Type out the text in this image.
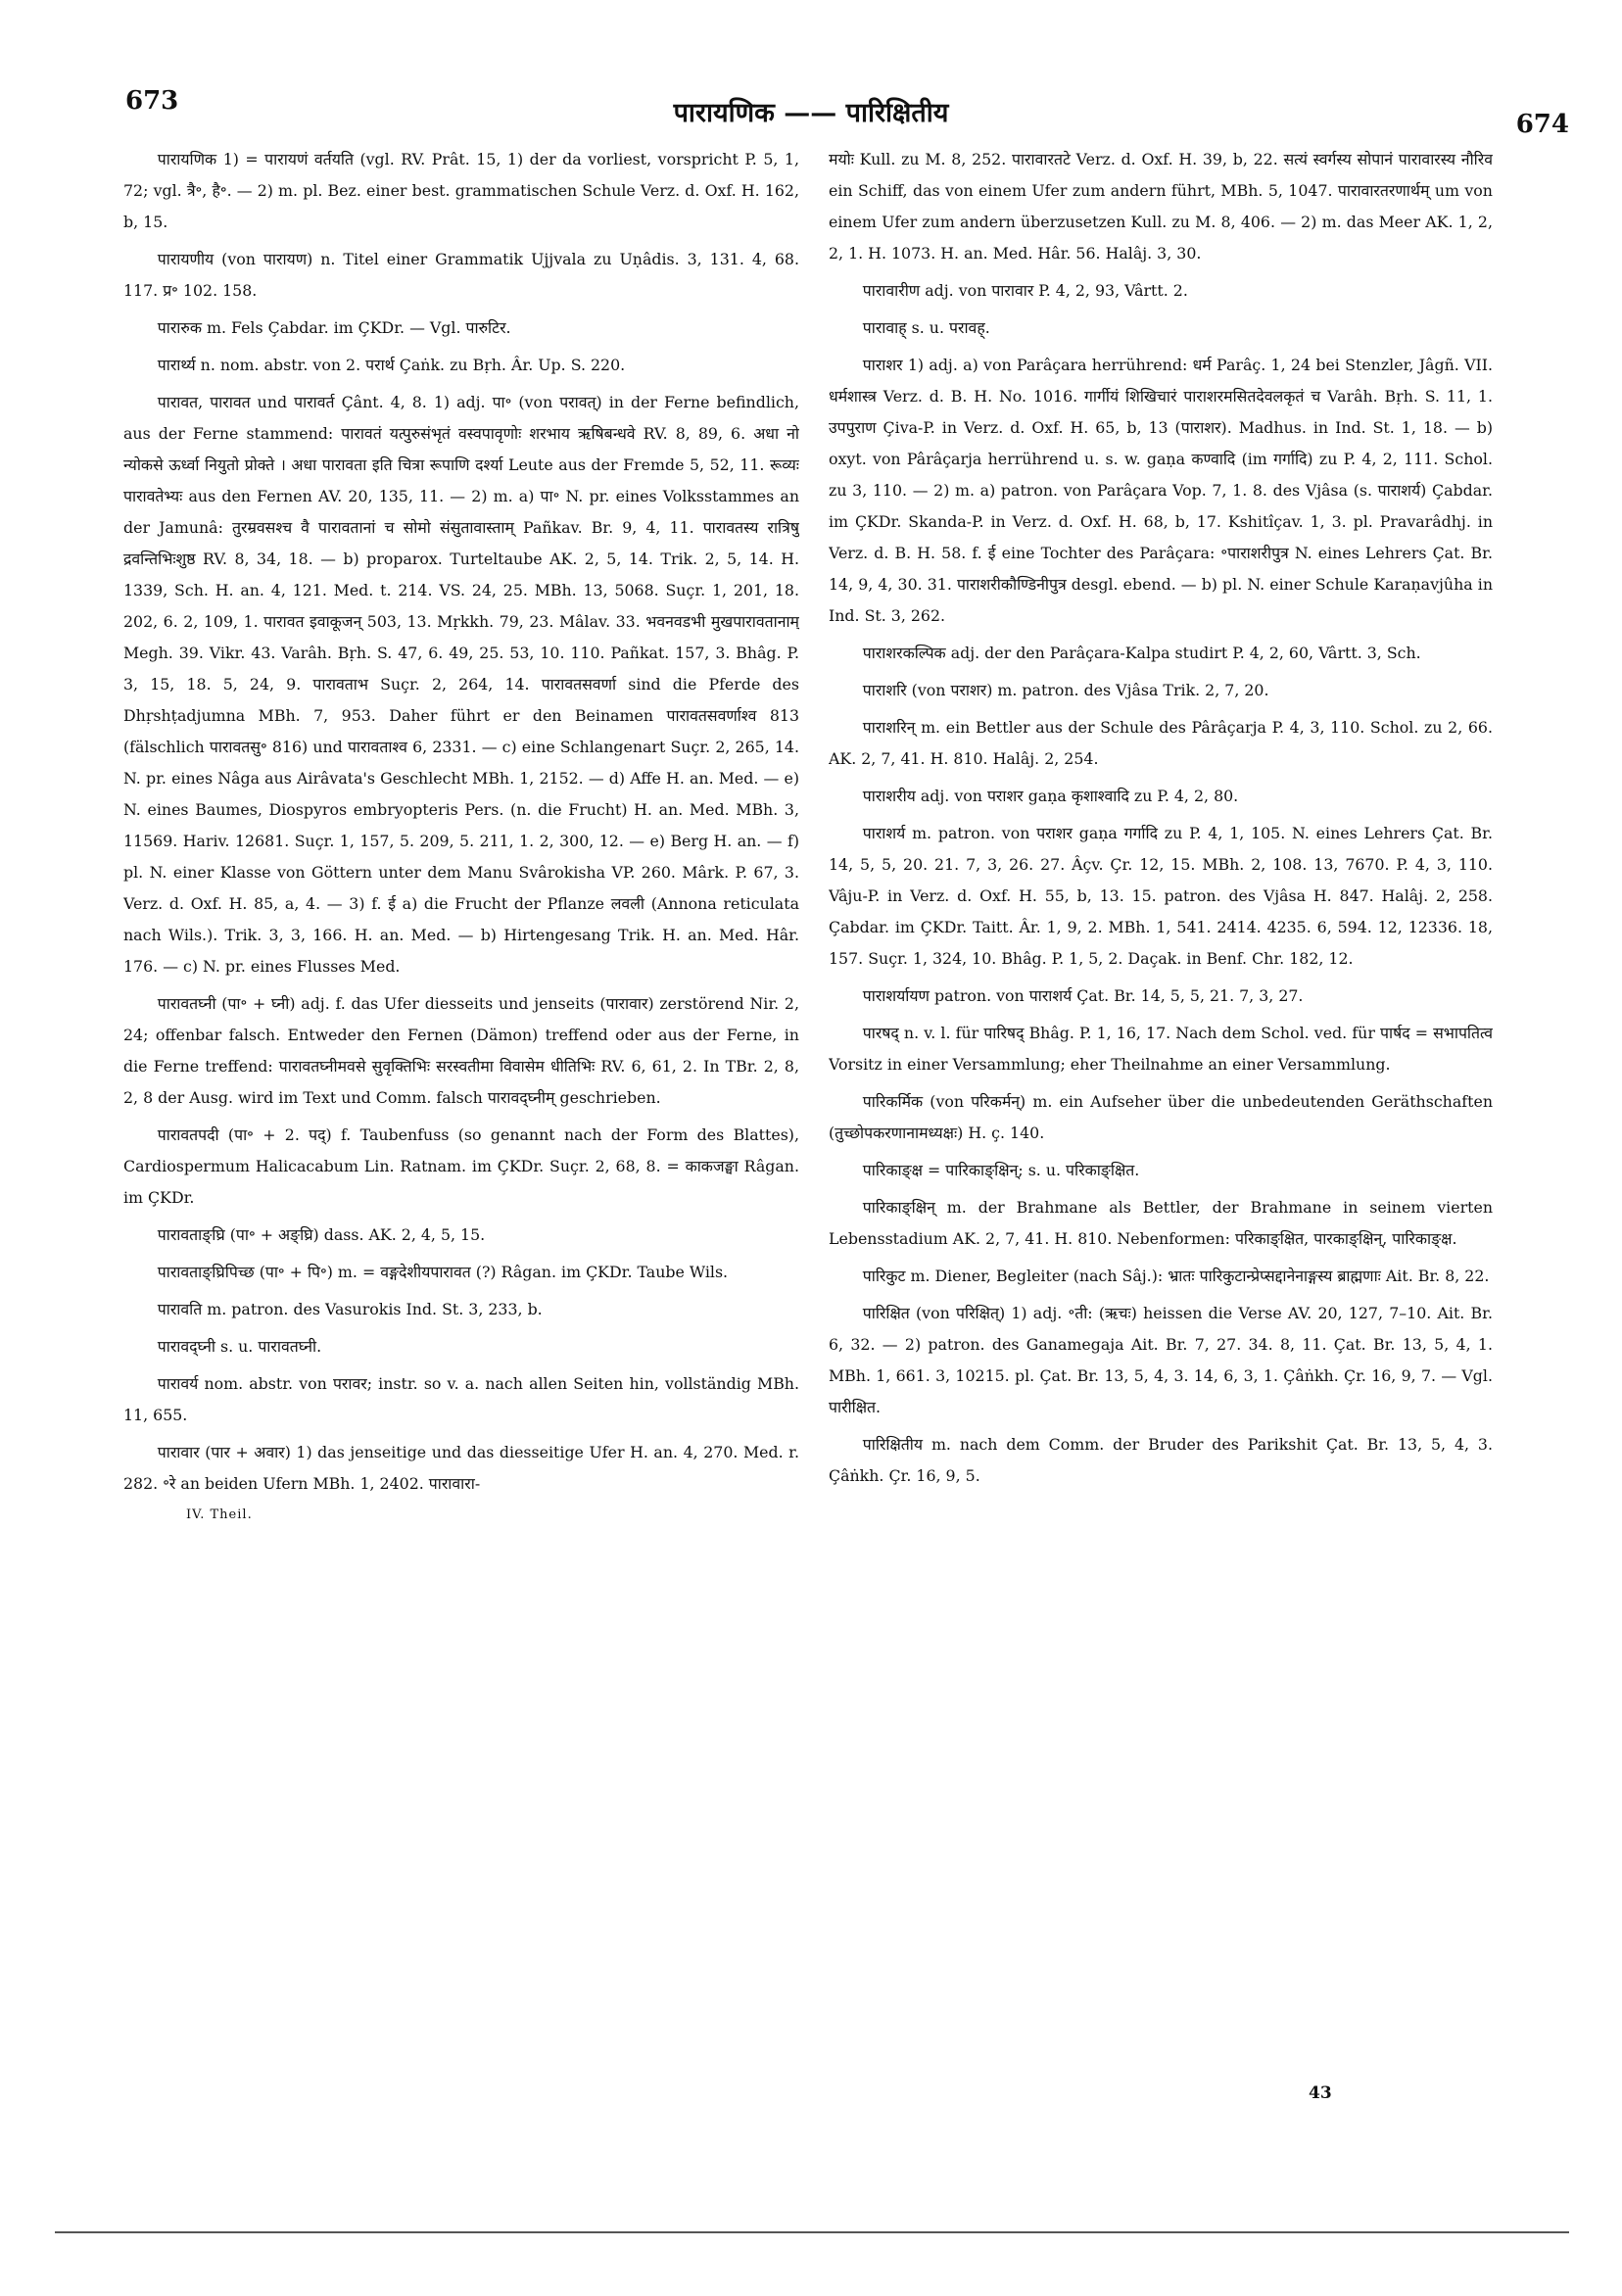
673	पारायणिक —— पारिक्षितीय	674

पारायणिक 1) = पारायणं वर्तयति (vgl. RV. Prât. 15, 1) der da vorliest, vorspricht P. 5, 1, 72; vgl. त्रै॰, है॰. — 2) m. pl. Bez. einer best. grammatischen Schule Verz. d. Oxf. H. 162, b, 15.

पारायणीय (von पारायण) n. Titel einer Grammatik Ujjvala zu Uṇâdis. 3, 131. 4, 68. 117. प्र॰ 102. 158.

पारारुक m. Fels Çabdar. im ÇKDr. — Vgl. पारुटिर.

पारार्थ्य n. nom. abstr. von 2. परार्थ Çaṅk. zu Bṛh. Âr. Up. S. 220.

पारावत, पारावत und पारावर्त Çânt. 4, 8. 1) adj. पा॰ (von परावत्) in der Ferne befindlich, aus der Ferne stammend: पारावतं यत्पुरुसंभृतं वस्वपावृणोः शरभाय ऋषिबन्धवे RV. 8, 89, 6. अधा नो न्योकसे ऊर्ध्वा नियुतो प्रोक्ते । अधा पारावता इति चित्रा रूपाणि दर्श्या Leute aus der Fremde 5, 52, 11. रूव्यः पारावतेभ्यः aus den Fernen AV. 20, 135, 11. — 2) m. a) पा॰ N. pr. eines Volksstammes an der Jamunâ: तुरम्रवसश्च वै पारावतानां च सोमो संसुतावास्ताम् Pañkav. Br. 9, 4, 11. पारावतस्य रात्रिषु द्रवन्तिभिःशुष्ठ RV. 8, 34, 18. — b) proparox. Turteltaube AK. 2, 5, 14. Trik. 2, 5, 14. H. 1339, Sch. H. an. 4, 121. Med. t. 214. VS. 24, 25. MBh. 13, 5068. Suçr. 1, 201, 18. 202, 6. 2, 109, 1. पारावत इवाकूजन् 503, 13. Mṛkkh. 79, 23. Mâlav. 33. भवनवडभी मुखपारावतानाम् Megh. 39. Vikr. 43. Varâh. Bṛh. S. 47, 6. 49, 25. 53, 10. 110. Pañkat. 157, 3. Bhâg. P. 3, 15, 18. 5, 24, 9. पारावताभ Suçr. 2, 264, 14. पारावतसवर्णा sind die Pferde des Dhṛshṭadjumna MBh. 7, 953. Daher führt er den Beinamen पारावतसवर्णाश्व 813 (fälschlich पारावतसु॰ 816) und पारावताश्व 6, 2331. — c) eine Schlangenart Suçr. 2, 265, 14. N. pr. eines Nâga aus Airâvata's Geschlecht MBh. 1, 2152. — d) Affe H. an. Med. — e) N. eines Baumes, Diospyros embryopteris Pers. (n. die Frucht) H. an. Med. MBh. 3, 11569. Hariv. 12681. Suçr. 1, 157, 5. 209, 5. 211, 1. 2, 300, 12. — e) Berg H. an. — f) pl. N. einer Klasse von Göttern unter dem Manu Svârokisha VP. 260. Mârk. P. 67, 3. Verz. d. Oxf. H. 85, a, 4. — 3) f. ई a) die Frucht der Pflanze लवली (Annona reticulata nach Wils.). Trik. 3, 3, 166. H. an. Med. — b) Hirtengesang Trik. H. an. Med. Hâr. 176. — c) N. pr. eines Flusses Med.

पारावतघ्नी (पा॰ + घ्नी) adj. f. das Ufer diesseits und jenseits (पारावार) zerstörend Nir. 2, 24; offenbar falsch. Entweder den Fernen (Dämon) treffend oder aus der Ferne, in die Ferne treffend: पारावतघ्नीमवसे सुवृक्तिभिः सरस्वतीमा विवासेम धीतिभिः RV. 6, 61, 2. In TBr. 2, 8, 2, 8 der Ausg. wird im Text und Comm. falsch पारावद्घ्नीम् geschrieben.

पारावतपदी (पा॰ + 2. पद्) f. Taubenfuss (so genannt nach der Form des Blattes), Cardiospermum Halicacabum Lin. Ratnam. im ÇKDr. Suçr. 2, 68, 8. = काकजङ्घा Râgan. im ÇKDr.

पारावताङ्घ्रि (पा॰ + अङ्घ्रि) dass. AK. 2, 4, 5, 15.

पारावताङ्घ्रिपिच्छ (पा॰ + पि॰) m. = वङ्गदेशीयपारावत (?) Râgan. im ÇKDr. Taube Wils.

पारावति m. patron. des Vasurokis Ind. St. 3, 233, b.

पारावद्घ्नी s. u. पारावतघ्नी.

पारावर्य nom. abstr. von परावर; instr. so v. a. nach allen Seiten hin, vollständig MBh. 11, 655.

पारावार (पार + अवार) 1) das jenseitige und das diesseitige Ufer H. an. 4, 270. Med. r. 282. ॰रे an beiden Ufern MBh. 1, 2402. पारावारा-

IV. Theil.

मयोः Kull. zu M. 8, 252. पारावारतटे Verz. d. Oxf. H. 39, b, 22. सत्यं स्वर्गस्य सोपानं पारावारस्य नौरिव ein Schiff, das von einem Ufer zum andern führt, MBh. 5, 1047. पारावारतरणार्थम् um von einem Ufer zum andern überzusetzen Kull. zu M. 8, 406. — 2) m. das Meer AK. 1, 2, 2, 1. H. 1073. H. an. Med. Hâr. 56. Halâj. 3, 30.

पारावारीण adj. von पारावार P. 4, 2, 93, Vârtt. 2.

पारावाह् s. u. परावह्.

पाराशर 1) adj. a) von Parâçara herrührend: धर्म Parâç. 1, 24 bei Stenzler, Jâgñ. VII. धर्मशास्त्र Verz. d. B. H. No. 1016. गार्गीयं शिखिचारं पाराशरमसितदेवलकृतं च Varâh. Bṛh. S. 11, 1. उपपुराण Çiva-P. in Verz. d. Oxf. H. 65, b, 13 (पाराशर). Madhus. in Ind. St. 1, 18. — b) oxyt. von Pârâçarja herrührend u. s. w. gaṇa कण्वादि (im गर्गादि) zu P. 4, 2, 111. Schol. zu 3, 110. — 2) m. a) patron. von Parâçara Vop. 7, 1. 8. des Vjâsa (s. पाराशर्य) Çabdar. im ÇKDr. Skanda-P. in Verz. d. Oxf. H. 68, b, 17. Kshitîçav. 1, 3. pl. Pravarâdhj. in Verz. d. B. H. 58. f. ई eine Tochter des Parâçara: ॰पाराशरीपुत्र N. eines Lehrers Çat. Br. 14, 9, 4, 30. 31. पाराशरीकौण्डिनीपुत्र desgl. ebend. — b) pl. N. einer Schule Karaṇavjûha in Ind. St. 3, 262.

पाराशरकल्पिक adj. der den Parâçara-Kalpa studirt P. 4, 2, 60, Vârtt. 3, Sch.

पाराशरि (von पराशर) m. patron. des Vjâsa Trik. 2, 7, 20.

पाराशरिन् m. ein Bettler aus der Schule des Pârâçarja P. 4, 3, 110. Schol. zu 2, 66. AK. 2, 7, 41. H. 810. Halâj. 2, 254.

पाराशरीय adj. von पराशर gaṇa कृशाश्वादि zu P. 4, 2, 80.

पाराशर्य m. patron. von पराशर gaṇa गर्गादि zu P. 4, 1, 105. N. eines Lehrers Çat. Br. 14, 5, 5, 20. 21. 7, 3, 26. 27. Âçv. Çr. 12, 15. MBh. 2, 108. 13, 7670. P. 4, 3, 110. Vâju-P. in Verz. d. Oxf. H. 55, b, 13. 15. patron. des Vjâsa H. 847. Halâj. 2, 258. Çabdar. im ÇKDr. Taitt. Âr. 1, 9, 2. MBh. 1, 541. 2414. 4235. 6, 594. 12, 12336. 18, 157. Suçr. 1, 324, 10. Bhâg. P. 1, 5, 2. Daçak. in Benf. Chr. 182, 12.

पाराशर्यायण patron. von पाराशर्य Çat. Br. 14, 5, 5, 21. 7, 3, 27.

पारषद् n. v. l. für पारिषद् Bhâg. P. 1, 16, 17. Nach dem Schol. ved. für पार्षद = सभापतित्व Vorsitz in einer Versammlung; eher Theilnahme an einer Versammlung.

पारिकर्मिक (von परिकर्मन्) m. ein Aufseher über die unbedeutenden Geräthschaften (तुच्छोपकरणानामध्यक्षः) H. ç. 140.

पारिकाङ्क्ष = पारिकाङ्क्षिन्; s. u. परिकाङ्क्षित.

पारिकाङ्क्षिन् m. der Brahmane als Bettler, der Brahmane in seinem vierten Lebensstadium AK. 2, 7, 41. H. 810. Nebenformen: परिकाङ्क्षित, पारकाङ्क्षिन्, पारिकाङ्क्ष.

पारिकुट m. Diener, Begleiter (nach Sâj.): भ्रातः पारिकुटान्प्रेप्सद्दानेनाङ्गस्य ब्राह्मणाः Ait. Br. 8, 22.

पारिक्षित (von परिक्षित्) 1) adj. ॰ती: (ऋचः) heissen die Verse AV. 20, 127, 7–10. Ait. Br. 6, 32. — 2) patron. des Ganamegaja Ait. Br. 7, 27. 34. 8, 11. Çat. Br. 13, 5, 4, 1. MBh. 1, 661. 3, 10215. pl. Çat. Br. 13, 5, 4, 3. 14, 6, 3, 1. Çâṅkh. Çr. 16, 9, 7. — Vgl. पारीक्षित.

पारिक्षितीय m. nach dem Comm. der Bruder des Parikshit Çat. Br. 13, 5, 4, 3. Çâṅkh. Çr. 16, 9, 5.

43
